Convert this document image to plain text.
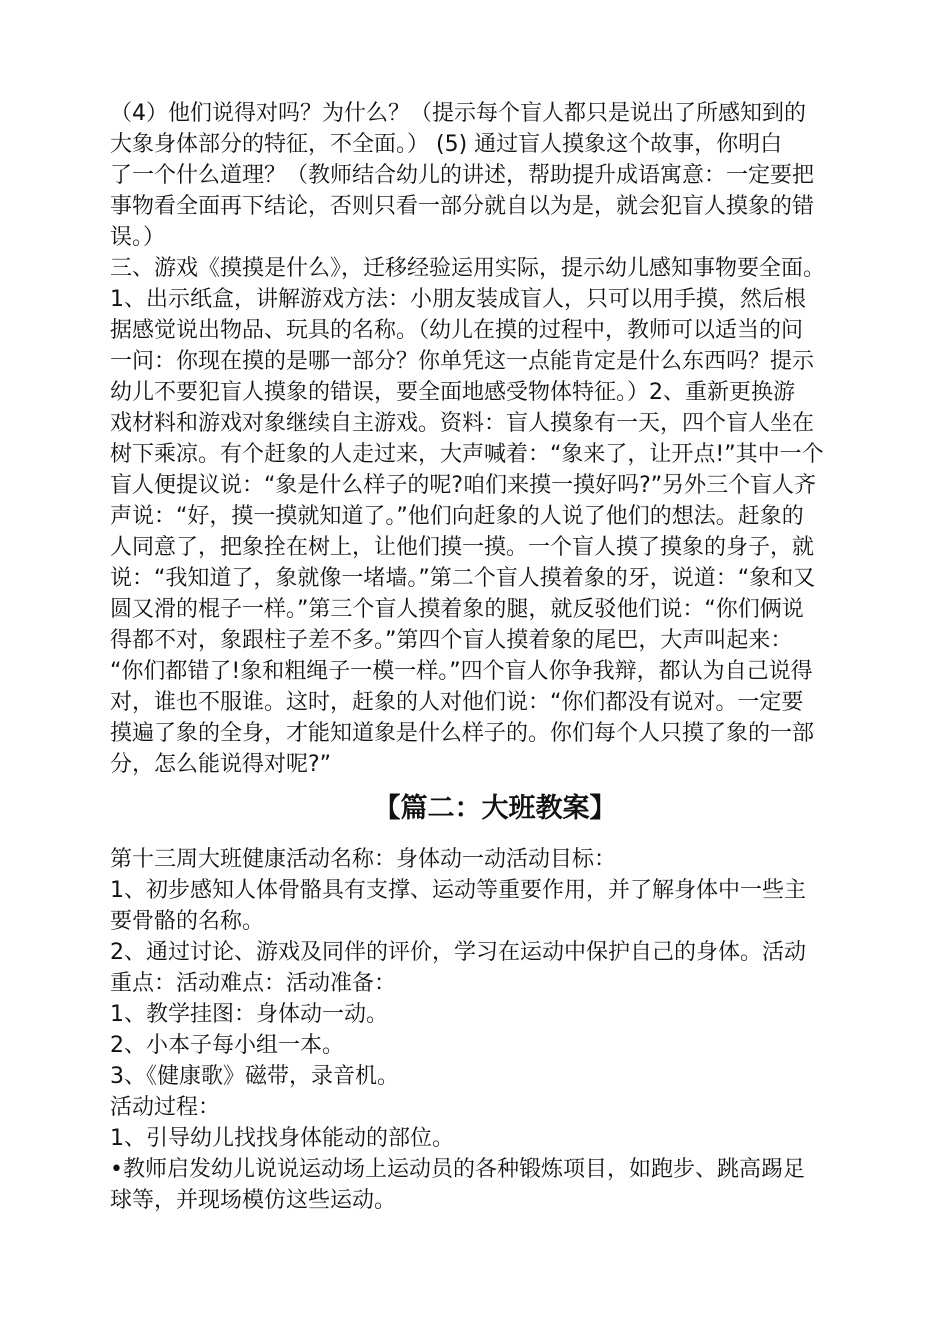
（4）他们说得对吗？为什么？（提示每个盲人都只是说出了所感知到的
大象身体部分的特征，不全面。） (5) 通过盲人摸象这个故事，你明白
了一个什么道理？（教师结合幼儿的讲述，帮助提升成语寓意：一定要把
事物看全面再下结论，否则只看一部分就自以为是，就会犯盲人摸象的错
误。）
三、游戏《摸摸是什么》，迁移经验运用实际，提示幼儿感知事物要全面。
1、出示纸盒，讲解游戏方法：小朋友装成盲人，只可以用手摸，然后根
据感觉说出物品、玩具的名称。（幼儿在摸的过程中，教师可以适当的问
一问：你现在摸的是哪一部分？你单凭这一点能肯定是什么东西吗？提示
幼儿不要犯盲人摸象的错误，要全面地感受物体特征。）2、重新更换游
戏材料和游戏对象继续自主游戏。资料：盲人摸象有一天，四个盲人坐在
树下乘凉。有个赶象的人走过来，大声喊着：“象来了，让开点!”其中一个
盲人便提议说：“象是什么样子的呢?咱们来摸一摸好吗?”另外三个盲人齐
声说：“好，摸一摸就知道了。”他们向赶象的人说了他们的想法。赶象的
人同意了，把象拴在树上，让他们摸一摸。一个盲人摸了摸象的身子，就
说：“我知道了，象就像一堵墙。”第二个盲人摸着象的牙，说道：“象和又
圆又滑的棍子一样。”第三个盲人摸着象的腿，就反驳他们说：“你们俩说
得都不对，象跟柱子差不多。”第四个盲人摸着象的尾巴，大声叫起来：
“你们都错了!象和粗绳子一模一样。”四个盲人你争我辩，都认为自己说得
对，谁也不服谁。这时，赶象的人对他们说：“你们都没有说对。一定要
摸遍了象的全身，才能知道象是什么样子的。你们每个人只摸了象的一部
分，怎么能说得对呢?”
【篇二：大班教案】
第十三周大班健康活动名称：身体动一动活动目标：
1、初步感知人体骨骼具有支撑、运动等重要作用，并了解身体中一些主
要骨骼的名称。
2、通过讨论、游戏及同伴的评价，学习在运动中保护自己的身体。活动
重点：活动难点：活动准备：
1、教学挂图：身体动一动。
2、小本子每小组一本。
3、《健康歌》磁带，录音机。
活动过程：
1、引导幼儿找找身体能动的部位。
•教师启发幼儿说说运动场上运动员的各种锻炼项目，如跑步、跳高踢足
球等，并现场模仿这些运动。
